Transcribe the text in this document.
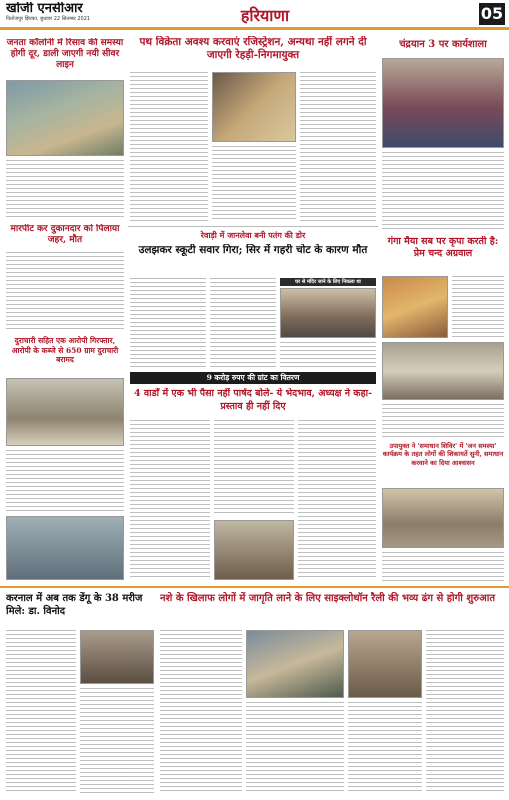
खोजी एनसीआर
फिरोजपुर झिरका, बुधवार 22 सितम्बर 2021	हरियाणा	05
जनता कॉलोनी में रिसाव की समस्या होगी दूर, डाली जाएगी नयी सीवर लाइन
मारपीट कर दुकानदार को पिलाया जहर, मौत
दुराचारी सहित एक आरोपी गिरफ्तार, आरोपी के कब्जे से 650 ग्राम दुराचारी बरामद
पथ विक्रेता अवश्य करवाएं रजिस्ट्रेशन, अन्यथा नहीं लगने दी जाएगी रेहड़ी-निगमायुक्त
चंद्रयान 3 पर कार्यशाला
रेवाड़ी में जानलेवा बनी पतंग की डोर
उलझकर स्कूटी सवार गिरा; सिर में गहरी चोट के कारण मौत
घर से मंदिर जाने के लिए निकला था
गंगा मैया सब पर कृपा करती है: प्रेम चन्द अग्रवाल
9 करोड़ रुपए की ग्रांट का वितरण
4 वार्डों में एक भी पैसा नहीं पार्षद बोले- ये भेदभाव, अध्यक्ष ने कहा- प्रस्ताव ही नहीं दिए
उपायुक्त ने 'समाधान शिविर' में 'जन समस्या' कार्यक्रम के तहत लोगों की शिकायतें सुनी, समाधान करवाने का दिया आश्वासन
करनाल में अब तक डेंगू के 38 मरीज मिले: डा. विनोद
नशे के खिलाफ लोगों में जागृति लाने के लिए साइक्लोथॉन रैली की भव्य ढंग से होगी शुरुआत
